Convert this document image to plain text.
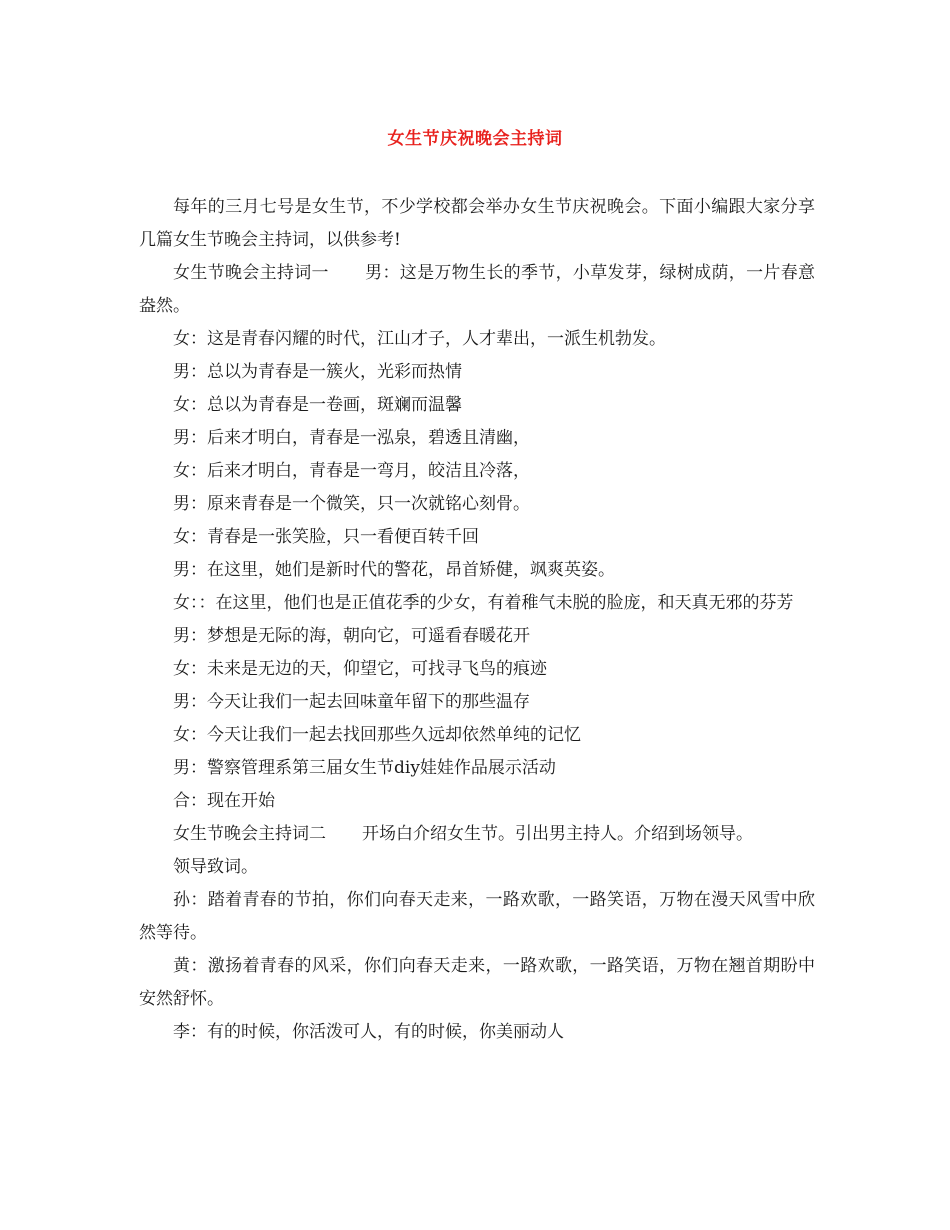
女生节庆祝晚会主持词

每年的三月七号是女生节，不少学校都会举办女生节庆祝晚会。下面小编跟大家分享几篇女生节晚会主持词，以供参考!

女生节晚会主持词一 男：这是万物生长的季节，小草发芽，绿树成荫，一片春意盎然。

女：这是青春闪耀的时代，江山才子，人才辈出，一派生机勃发。

男：总以为青春是一簇火，光彩而热情

女：总以为青春是一卷画，斑斓而温馨

男：后来才明白，青春是一泓泉，碧透且清幽，

女：后来才明白，青春是一弯月，皎洁且冷落，

男：原来青春是一个微笑，只一次就铭心刻骨。

女：青春是一张笑脸，只一看便百转千回

男：在这里，她们是新时代的警花，昂首矫健，飒爽英姿。

女：：在这里，他们也是正值花季的少女，有着稚气未脱的脸庞，和天真无邪的芬芳

男：梦想是无际的海，朝向它，可遥看春暖花开

女：未来是无边的天，仰望它，可找寻飞鸟的痕迹

男：今天让我们一起去回味童年留下的那些温存

女：今天让我们一起去找回那些久远却依然单纯的记忆

男：警察管理系第三届女生节diy娃娃作品展示活动

合：现在开始

女生节晚会主持词二 开场白介绍女生节。引出男主持人。介绍到场领导。

领导致词。

孙：踏着青春的节拍，你们向春天走来，一路欢歌，一路笑语，万物在漫天风雪中欣然等待。

黄：激扬着青春的风采，你们向春天走来，一路欢歌，一路笑语，万物在翘首期盼中安然舒怀。

李：有的时候，你活泼可人，有的时候，你美丽动人
